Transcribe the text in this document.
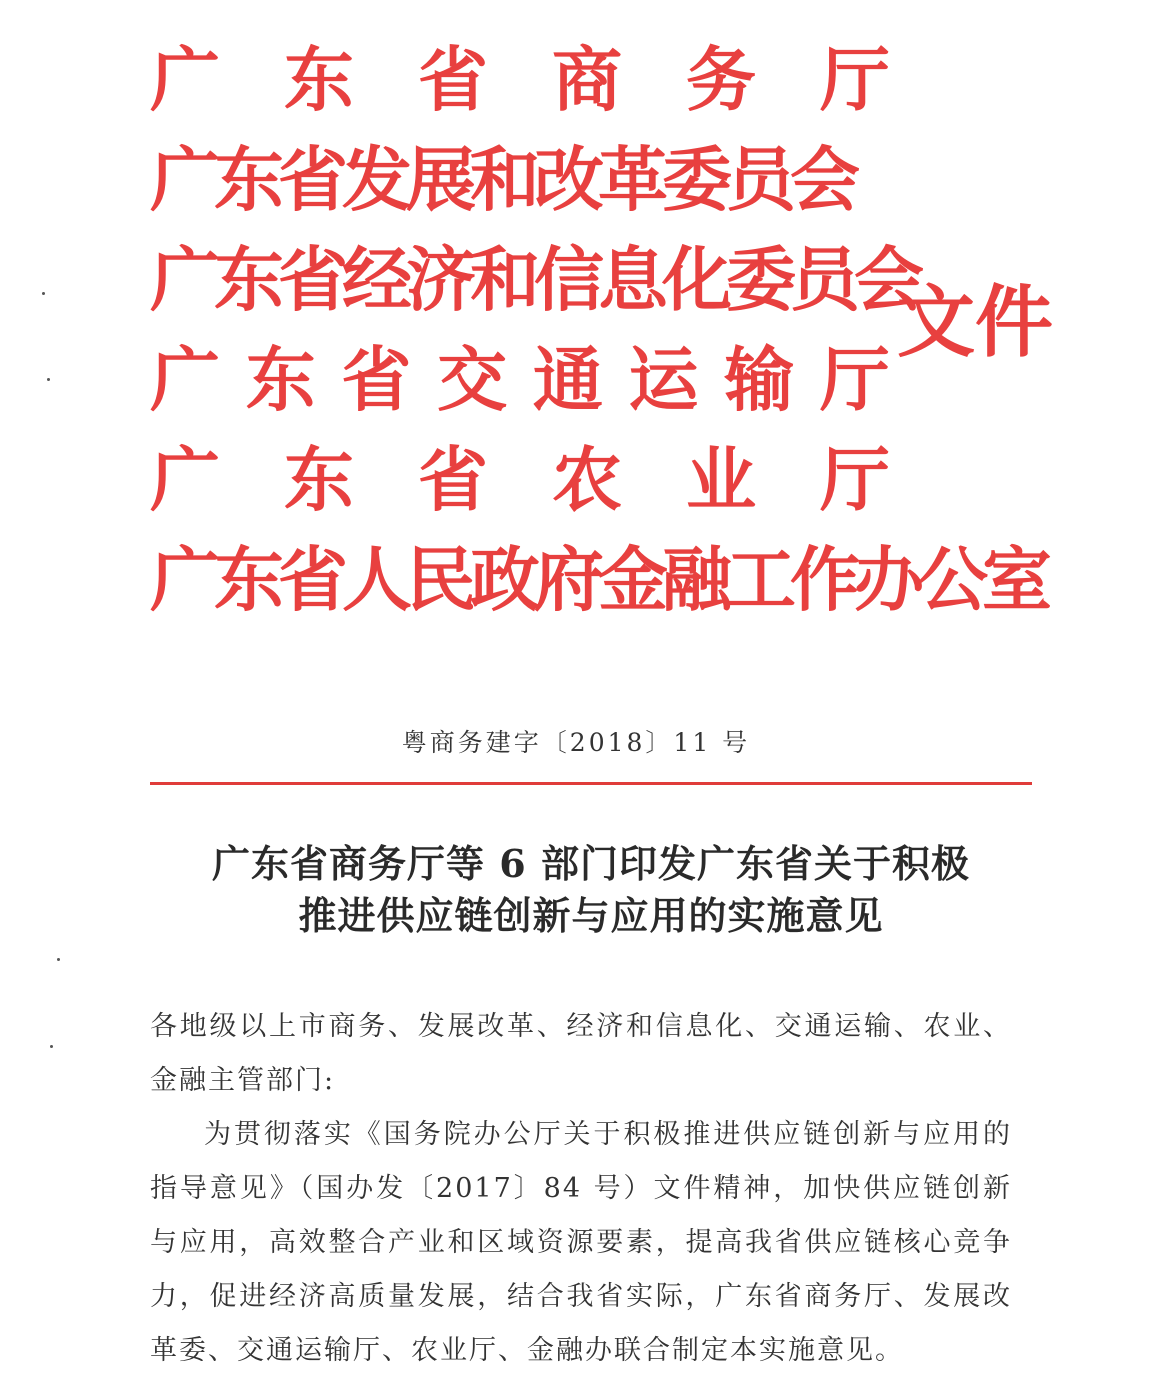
广 东 省 商 务 厅
广东省发展和改革委员会
广东省经济和信息化委员会
广 东 省 交 通 运 输 厅
广 东 省 农 业 厅
广东省人民政府金融工作办公室
文件
粤商务建字〔2018〕11 号
广东省商务厅等 6 部门印发广东省关于积极
推进供应链创新与应用的实施意见

各地级以上市商务、发展改革、经济和信息化、交通运输、农业、金融主管部门:

为贯彻落实《国务院办公厅关于积极推进供应链创新与应用的指导意见》（国办发〔2017〕84 号）文件精神，加快供应链创新与应用，高效整合产业和区域资源要素，提高我省供应链核心竞争力，促进经济高质量发展，结合我省实际，广东省商务厅、发展改革委、交通运输厅、农业厅、金融办联合制定本实施意见。
